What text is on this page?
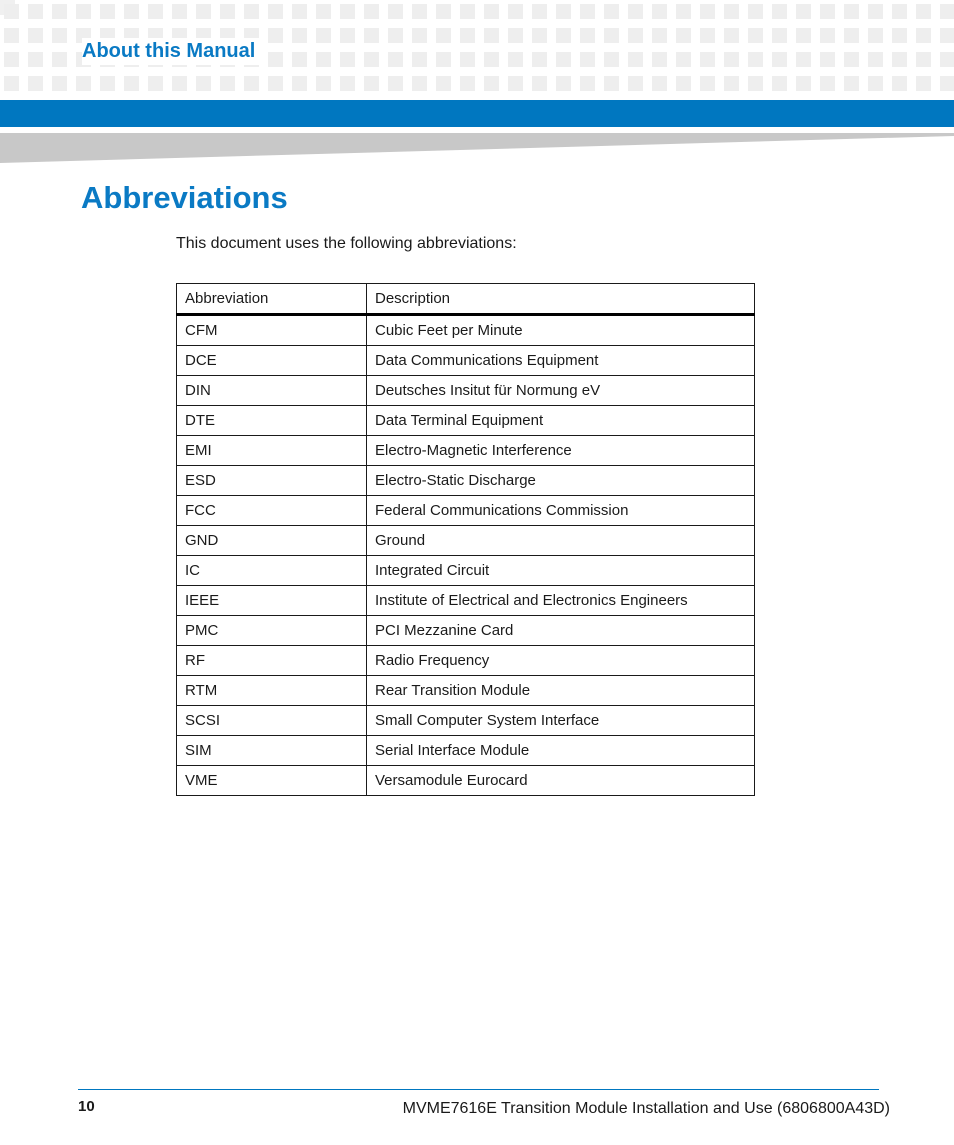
About this Manual
Abbreviations
This document uses the following abbreviations:
Abbreviation	Description
CFM	Cubic Feet per Minute
DCE	Data Communications Equipment
DIN	Deutsches Insitut für Normung eV
DTE	Data Terminal Equipment
EMI	Electro-Magnetic Interference
ESD	Electro-Static Discharge
FCC	Federal Communications Commission
GND	Ground
IC	Integrated Circuit
IEEE	Institute of Electrical and Electronics Engineers
PMC	PCI Mezzanine Card
RF	Radio Frequency
RTM	Rear Transition Module
SCSI	Small Computer System Interface
SIM	Serial Interface Module
VME	Versamodule Eurocard
10	MVME7616E Transition Module Installation and Use (6806800A43D)
